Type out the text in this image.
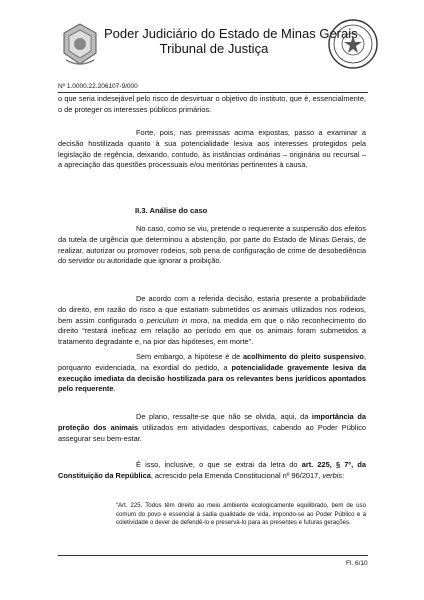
Poder Judiciário do Estado de Minas Gerais
Tribunal de Justiça
Nº 1.0000.22.206107-9/000

o que seria indesejável pelo risco de desvirtuar o objetivo do instituto, que é, essencialmente, o de proteger os interesses públicos primários.

Forte, pois, nas premissas acima expostas, passo a examinar a decisão hostilizada quanto à sua potencialidade lesiva aos interesses protegidos pela legislação de regência, deixando, contudo, às instâncias ordinárias – originária ou recursal – a apreciação das questões processuais e/ou meritórias pertinentes à causa.

II.3. Análise do caso

No caso, como se viu, pretende o requerente a suspensão dos efeitos da tutela de urgência que determinou a abstenção, por parte do Estado de Minas Gerais, de realizar, autorizar ou promover rodeios, sob pena de configuração de crime de desobediência do servidor ou autoridade que ignorar a proibição.

De acordo com a referida decisão, estaria presente a probabilidade do direito, em razão do risco a que estariam submetidos os animais utilizados nos rodeios, bem assim configurado o periculum in mora, na medida em que o não reconhecimento do direito “restará ineficaz em relação ao período em que os animais foram submetidos a tratamento degradante e, na pior das hipóteses, em morte”.

Sem embargo, a hipótese é de acolhimento do pleito suspensivo, porquanto evidenciada, na exordial do pedido, a potencialidade gravemente lesiva da execução imediata da decisão hostilizada para os relevantes bens jurídicos apontados pelo requerente.

De plano, ressalte-se que não se olvida, aqui, da importância da proteção dos animais utilizados em atividades desportivas, cabendo ao Poder Público assegurar seu bem-estar.

É isso, inclusive, o que se extrai da letra do art. 225, § 7º, da Constituição da República, acrescido pela Emenda Constitucional nº 96/2017, verbis:

“Art. 225. Todos têm direito ao meio ambiente ecologicamente equilibrado, bem de uso comum do povo e essencial à sadia qualidade de vida, impondo-se ao Poder Público e à coletividade o dever de defendê-lo e preservá-lo para as presentes e futuras gerações.
Fl. 6/10
